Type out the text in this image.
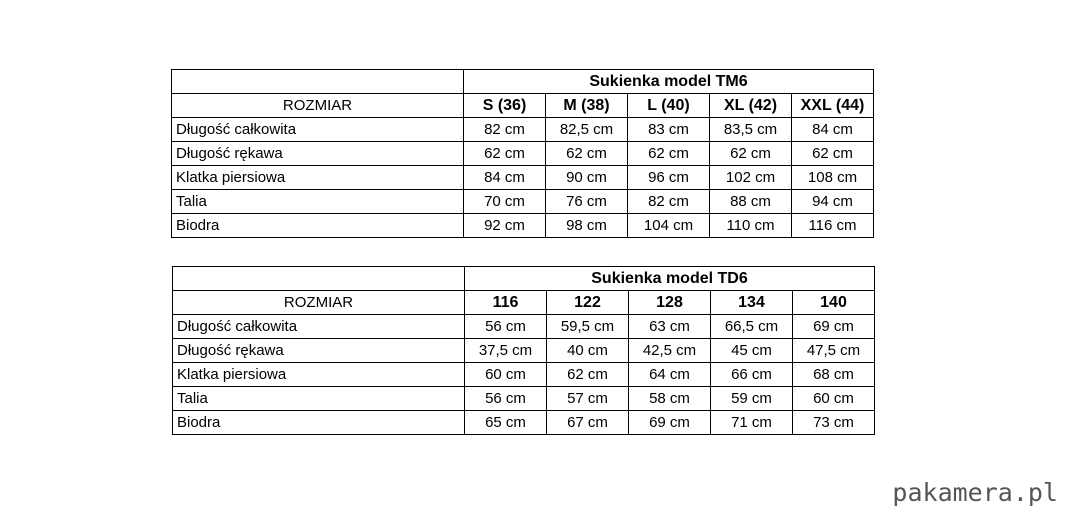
	Sukienka model TM6				
ROZMIAR	S (36)	M (38)	L (40)	XL (42)	XXL (44)
Długość całkowita	82 cm	82,5 cm	83 cm	83,5 cm	84 cm
Długość rękawa	62 cm	62 cm	62 cm	62 cm	62 cm
Klatka piersiowa	84 cm	90 cm	96 cm	102 cm	108 cm
Talia	70 cm	76 cm	82 cm	88 cm	94 cm
Biodra	92 cm	98 cm	104 cm	110 cm	116 cm
	Sukienka model TD6				
ROZMIAR	116	122	128	134	140
Długość całkowita	56 cm	59,5 cm	63 cm	66,5 cm	69 cm
Długość rękawa	37,5 cm	40 cm	42,5 cm	45 cm	47,5 cm
Klatka piersiowa	60 cm	62 cm	64 cm	66 cm	68 cm
Talia	56 cm	57 cm	58 cm	59 cm	60 cm
Biodra	65 cm	67 cm	69 cm	71 cm	73 cm
pakamera.pl
